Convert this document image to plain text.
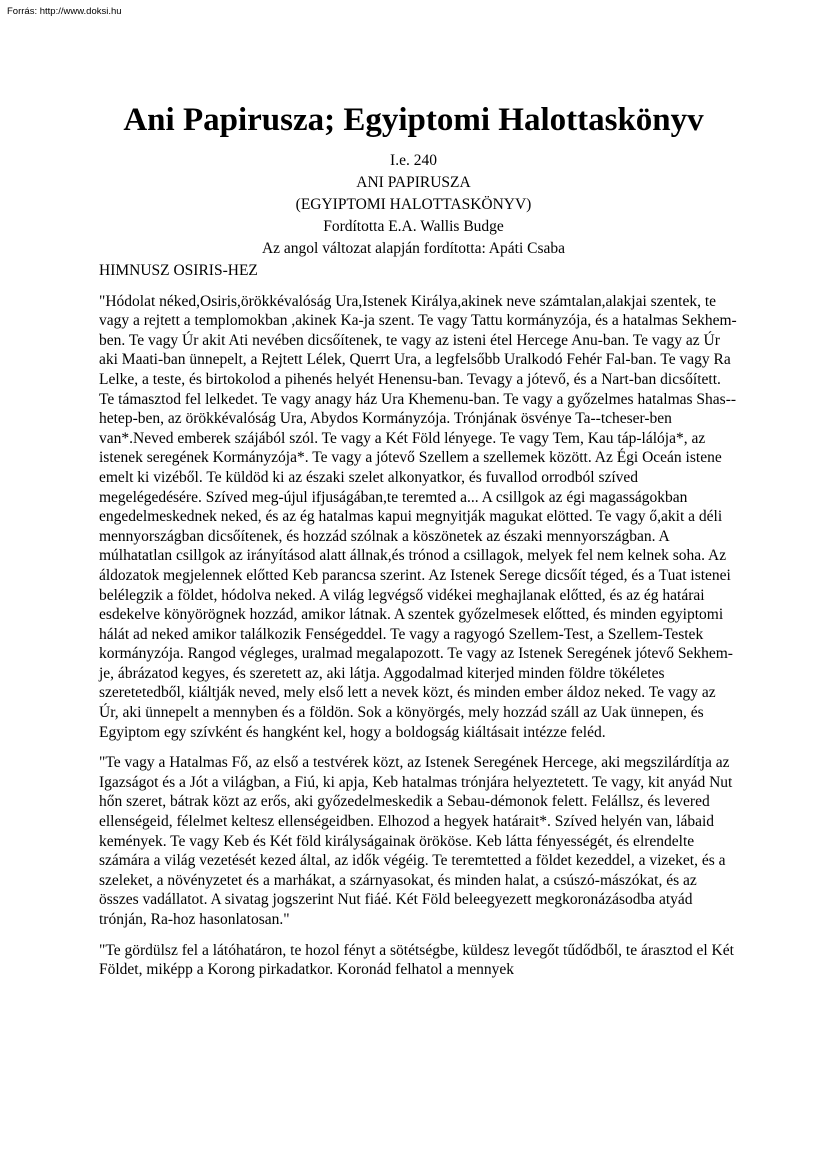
Forrás: http://www.doksi.hu
Ani Papirusza; Egyiptomi Halottaskönyv
I.e. 240
ANI PAPIRUSZA
(EGYIPTOMI HALOTTASKÖNYV)
Fordította E.A. Wallis Budge
Az angol változat alapján fordította: Apáti Csaba

HIMNUSZ OSIRIS-HEZ

"Hódolat néked,Osiris,örökkévalóság Ura,Istenek Királya,akinek neve számtalan,alakjai szentek, te vagy a rejtett a templomokban ,akinek Ka-ja szent. Te vagy Tattu kormányzója, és a hatalmas Sekhem-ben. Te vagy Úr akit Ati nevében dicsőítenek, te vagy az isteni étel Hercege Anu-ban. Te vagy az Úr aki Maati-ban ünnepelt, a Rejtett Lélek, Querrt Ura, a legfelsőbb Uralkodó Fehér Fal-ban. Te vagy Ra Lelke, a teste, és birtokolod a pihenés helyét Henensu-ban. Tevagy a jótevő, és a Nart-ban dicsőített. Te támasztod fel lelkedet. Te vagy anagy ház Ura Khemenu-ban. Te vagy a győzelmes hatalmas Shas--hetep-ben, az örökkévalóság Ura, Abydos Kormányzója. Trónjának ösvénye Ta--tcheser-ben van*.Neved emberek szájából szól. Te vagy a Két Föld lényege. Te vagy Tem, Kau táp-lálója*, az istenek seregének Kormányzója*. Te vagy a jótevő Szellem a szellemek között. Az Égi Oceán istene emelt ki vizéből. Te küldöd ki az északi szelet alkonyatkor, és fuvallod orrodból szíved megelégedésére. Szíved meg-újul ifjuságában,te teremted a... A csillgok az égi magasságokban engedelmeskednek neked, és az ég hatalmas kapui megnyitják magukat elötted. Te vagy ő,akit a déli mennyországban dicsőítenek, és hozzád szólnak a köszönetek az északi mennyországban. A múlhatatlan csillgok az irányításod alatt állnak,és trónod a csillagok, melyek fel nem kelnek soha. Az áldozatok megjelennek előtted Keb parancsa szerint. Az Istenek Serege dicsőít téged, és a Tuat istenei belélegzik a földet, hódolva neked. A világ legvégső vidékei meghajlanak előtted, és az ég határai esdekelve könyörögnek hozzád, amikor látnak. A szentek győzelmesek előtted, és minden egyiptomi hálát ad neked amikor találkozik Fenségeddel. Te vagy a ragyogó Szellem-Test, a Szellem-Testek kormányzója. Rangod végleges, uralmad megalapozott. Te vagy az Istenek Seregének jótevő Sekhem-je, ábrázatod kegyes, és szeretett az, aki látja. Aggodalmad kiterjed minden földre tökéletes szeretetedből, kiáltják neved, mely első lett a nevek közt, és minden ember áldoz neked. Te vagy az Úr, aki ünnepelt a mennyben és a földön. Sok a könyörgés, mely hozzád száll az Uak ünnepen, és Egyiptom egy szívként és hangként kel, hogy a boldogság kiáltásait intézze feléd.

"Te vagy a Hatalmas Fő, az első a testvérek közt, az Istenek Seregének Hercege, aki megszilárdítja az Igazságot és a Jót a világban, a Fiú, ki apja, Keb hatalmas trónjára helyeztetett. Te vagy, kit anyád Nut hőn szeret, bátrak közt az erős, aki győzedelmeskedik a Sebau-démonok felett. Felállsz, és levered ellenségeid, félelmet keltesz ellenségeidben. Elhozod a hegyek határait*. Szíved helyén van, lábaid kemények. Te vagy Keb és Két föld királyságainak örököse. Keb látta fényességét, és elrendelte számára a világ vezetését kezed által, az idők végéig. Te teremtetted a földet kezeddel, a vizeket, és a szeleket, a növényzetet és a marhákat, a szárnyasokat, és minden halat, a csúszó-mászókat, és az összes vadállatot. A sivatag jogszerint Nut fiáé. Két Föld beleegyezett megkoronázásodba atyád trónján, Ra-hoz hasonlatosan."

"Te gördülsz fel a látóhatáron, te hozol fényt a sötétségbe, küldesz levegőt tűdődből, te árasztod el Két Földet, miképp a Korong pirkadatkor. Koronád felhatol a mennyek
